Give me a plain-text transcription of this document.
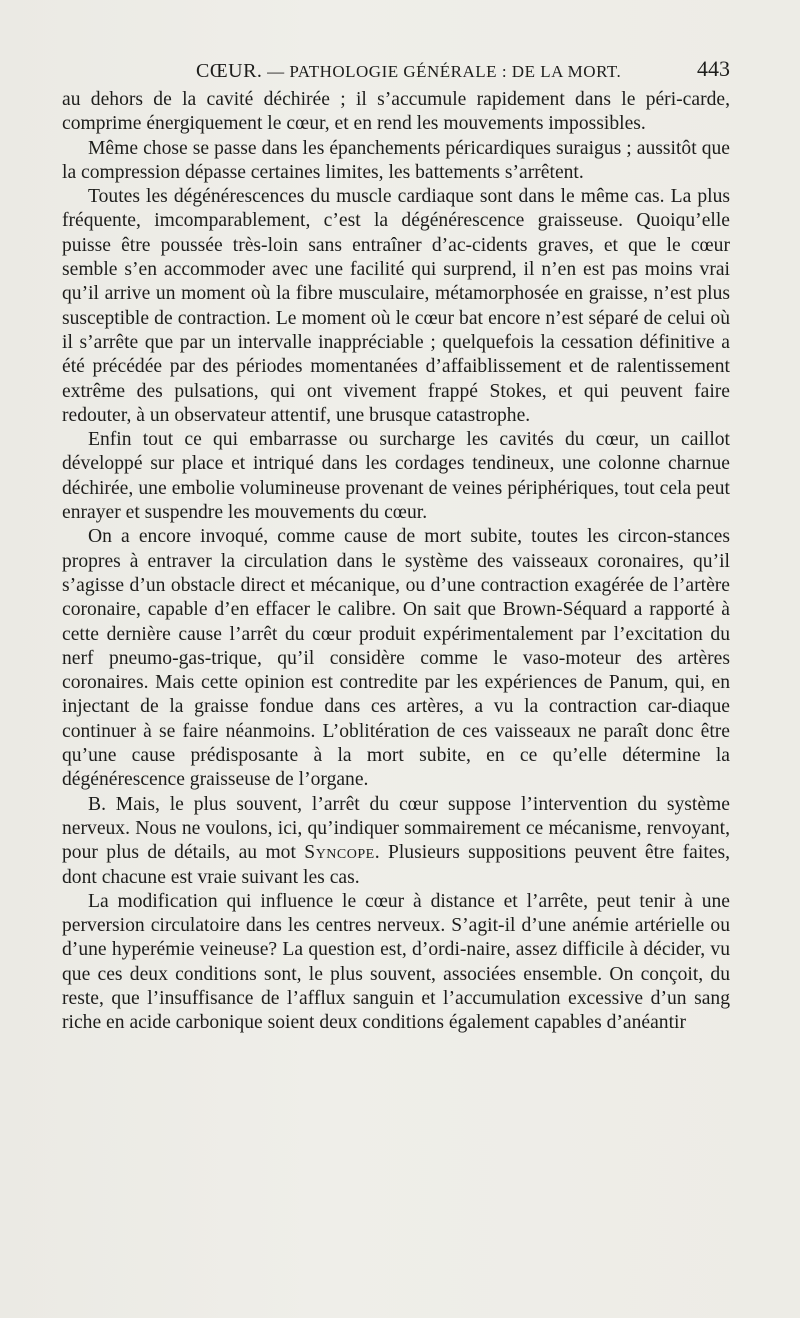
CŒUR. — PATHOLOGIE GÉNÉRALE : DE LA MORT.	443

au dehors de la cavité déchirée ; il s’accumule rapidement dans le péri-carde, comprime énergiquement le cœur, et en rend les mouvements impossibles.

Même chose se passe dans les épanchements péricardiques suraigus ; aussitôt que la compression dépasse certaines limites, les battements s’arrêtent.

Toutes les dégénérescences du muscle cardiaque sont dans le même cas. La plus fréquente, imcomparablement, c’est la dégénérescence graisseuse. Quoiqu’elle puisse être poussée très-loin sans entraîner d’ac-cidents graves, et que le cœur semble s’en accommoder avec une facilité qui surprend, il n’en est pas moins vrai qu’il arrive un moment où la fibre musculaire, métamorphosée en graisse, n’est plus susceptible de contraction. Le moment où le cœur bat encore n’est séparé de celui où il s’arrête que par un intervalle inappréciable ; quelquefois la cessation définitive a été précédée par des périodes momentanées d’affaiblissement et de ralentissement extrême des pulsations, qui ont vivement frappé Stokes, et qui peuvent faire redouter, à un observateur attentif, une brusque catastrophe.

Enfin tout ce qui embarrasse ou surcharge les cavités du cœur, un caillot développé sur place et intriqué dans les cordages tendineux, une colonne charnue déchirée, une embolie volumineuse provenant de veines périphériques, tout cela peut enrayer et suspendre les mouvements du cœur.

On a encore invoqué, comme cause de mort subite, toutes les circon-stances propres à entraver la circulation dans le système des vaisseaux coronaires, qu’il s’agisse d’un obstacle direct et mécanique, ou d’une contraction exagérée de l’artère coronaire, capable d’en effacer le calibre. On sait que Brown-Séquard a rapporté à cette dernière cause l’arrêt du cœur produit expérimentalement par l’excitation du nerf pneumo-gas-trique, qu’il considère comme le vaso-moteur des artères coronaires. Mais cette opinion est contredite par les expériences de Panum, qui, en injectant de la graisse fondue dans ces artères, a vu la contraction car-diaque continuer à se faire néanmoins. L’oblitération de ces vaisseaux ne paraît donc être qu’une cause prédisposante à la mort subite, en ce qu’elle détermine la dégénérescence graisseuse de l’organe.

B. Mais, le plus souvent, l’arrêt du cœur suppose l’intervention du système nerveux. Nous ne voulons, ici, qu’indiquer sommairement ce mécanisme, renvoyant, pour plus de détails, au mot Syncope. Plusieurs suppositions peuvent être faites, dont chacune est vraie suivant les cas.

La modification qui influence le cœur à distance et l’arrête, peut tenir à une perversion circulatoire dans les centres nerveux. S’agit-il d’une anémie artérielle ou d’une hyperémie veineuse? La question est, d’ordi-naire, assez difficile à décider, vu que ces deux conditions sont, le plus souvent, associées ensemble. On conçoit, du reste, que l’insuffisance de l’afflux sanguin et l’accumulation excessive d’un sang riche en acide carbonique soient deux conditions également capables d’anéantir
